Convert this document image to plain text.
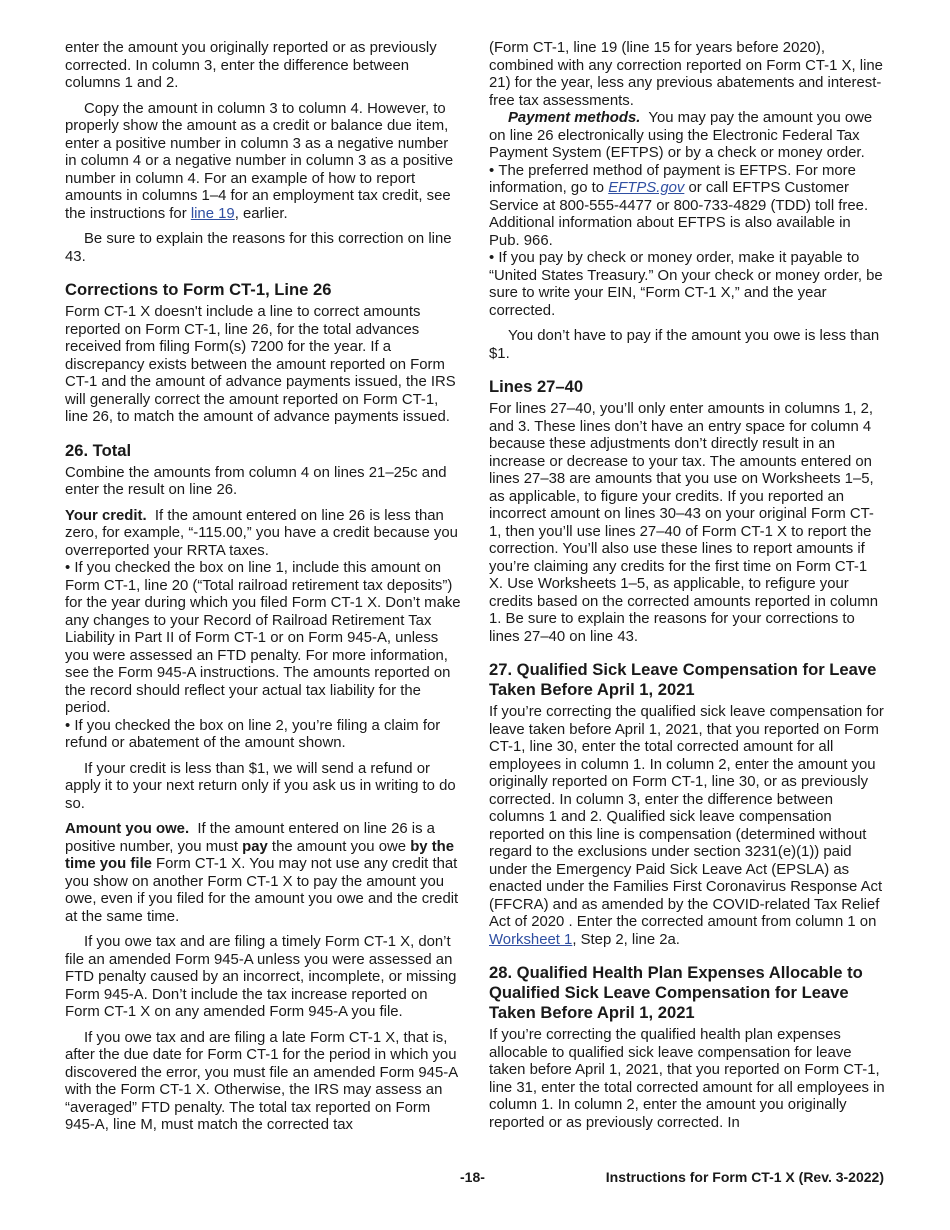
enter the amount you originally reported or as previously corrected. In column 3, enter the difference between columns 1 and 2.

Copy the amount in column 3 to column 4. However, to properly show the amount as a credit or balance due item, enter a positive number in column 3 as a negative number in column 4 or a negative number in column 3 as a positive number in column 4. For an example of how to report amounts in columns 1–4 for an employment tax credit, see the instructions for line 19, earlier.

Be sure to explain the reasons for this correction on line 43.

Corrections to Form CT-1, Line 26

Form CT-1 X doesn't include a line to correct amounts reported on Form CT-1, line 26, for the total advances received from filing Form(s) 7200 for the year. If a discrepancy exists between the amount reported on Form CT-1 and the amount of advance payments issued, the IRS will generally correct the amount reported on Form CT-1, line 26, to match the amount of advance payments issued.

26. Total

Combine the amounts from column 4 on lines 21–25c and enter the result on line 26.

Your credit. If the amount entered on line 26 is less than zero, for example, “-115.00,” you have a credit because you overreported your RRTA taxes.

• If you checked the box on line 1, include this amount on Form CT-1, line 20 (“Total railroad retirement tax deposits”) for the year during which you filed Form CT-1 X. Don’t make any changes to your Record of Railroad Retirement Tax Liability in Part II of Form CT-1 or on Form 945-A, unless you were assessed an FTD penalty. For more information, see the Form 945-A instructions. The amounts reported on the record should reflect your actual tax liability for the period.

• If you checked the box on line 2, you’re filing a claim for refund or abatement of the amount shown.

If your credit is less than $1, we will send a refund or apply it to your next return only if you ask us in writing to do so.

Amount you owe. If the amount entered on line 26 is a positive number, you must pay the amount you owe by the time you file Form CT-1 X. You may not use any credit that you show on another Form CT-1 X to pay the amount you owe, even if you filed for the amount you owe and the credit at the same time.

If you owe tax and are filing a timely Form CT-1 X, don’t file an amended Form 945-A unless you were assessed an FTD penalty caused by an incorrect, incomplete, or missing Form 945-A. Don’t include the tax increase reported on Form CT-1 X on any amended Form 945-A you file.

If you owe tax and are filing a late Form CT-1 X, that is, after the due date for Form CT-1 for the period in which you discovered the error, you must file an amended Form 945-A with the Form CT-1 X. Otherwise, the IRS may assess an “averaged” FTD penalty. The total tax reported on Form 945-A, line M, must match the corrected tax

(Form CT-1, line 19 (line 15 for years before 2020), combined with any correction reported on Form CT-1 X, line 21) for the year, less any previous abatements and interest-free tax assessments.

Payment methods. You may pay the amount you owe on line 26 electronically using the Electronic Federal Tax Payment System (EFTPS) or by a check or money order.

• The preferred method of payment is EFTPS. For more information, go to EFTPS.gov or call EFTPS Customer Service at 800-555-4477 or 800-733-4829 (TDD) toll free. Additional information about EFTPS is also available in Pub. 966.

• If you pay by check or money order, make it payable to “United States Treasury.” On your check or money order, be sure to write your EIN, “Form CT-1 X,” and the year corrected.

You don’t have to pay if the amount you owe is less than $1.

Lines 27–40

For lines 27–40, you’ll only enter amounts in columns 1, 2, and 3. These lines don’t have an entry space for column 4 because these adjustments don’t directly result in an increase or decrease to your tax. The amounts entered on lines 27–38 are amounts that you use on Worksheets 1–5, as applicable, to figure your credits. If you reported an incorrect amount on lines 30–43 on your original Form CT-1, then you’ll use lines 27–40 of Form CT-1 X to report the correction. You’ll also use these lines to report amounts if you’re claiming any credits for the first time on Form CT-1 X. Use Worksheets 1–5, as applicable, to refigure your credits based on the corrected amounts reported in column 1. Be sure to explain the reasons for your corrections to lines 27–40 on line 43.

27. Qualified Sick Leave Compensation for Leave Taken Before April 1, 2021

If you’re correcting the qualified sick leave compensation for leave taken before April 1, 2021, that you reported on Form CT-1, line 30, enter the total corrected amount for all employees in column 1. In column 2, enter the amount you originally reported on Form CT-1, line 30, or as previously corrected. In column 3, enter the difference between columns 1 and 2. Qualified sick leave compensation reported on this line is compensation (determined without regard to the exclusions under section 3231(e)(1)) paid under the Emergency Paid Sick Leave Act (EPSLA) as enacted under the Families First Coronavirus Response Act (FFCRA) and as amended by the COVID-related Tax Relief Act of 2020 . Enter the corrected amount from column 1 on Worksheet 1, Step 2, line 2a.

28. Qualified Health Plan Expenses Allocable to Qualified Sick Leave Compensation for Leave Taken Before April 1, 2021

If you’re correcting the qualified health plan expenses allocable to qualified sick leave compensation for leave taken before April 1, 2021, that you reported on Form CT-1, line 31, enter the total corrected amount for all employees in column 1. In column 2, enter the amount you originally reported or as previously corrected. In

-18-	Instructions for Form CT-1 X (Rev. 3-2022)
